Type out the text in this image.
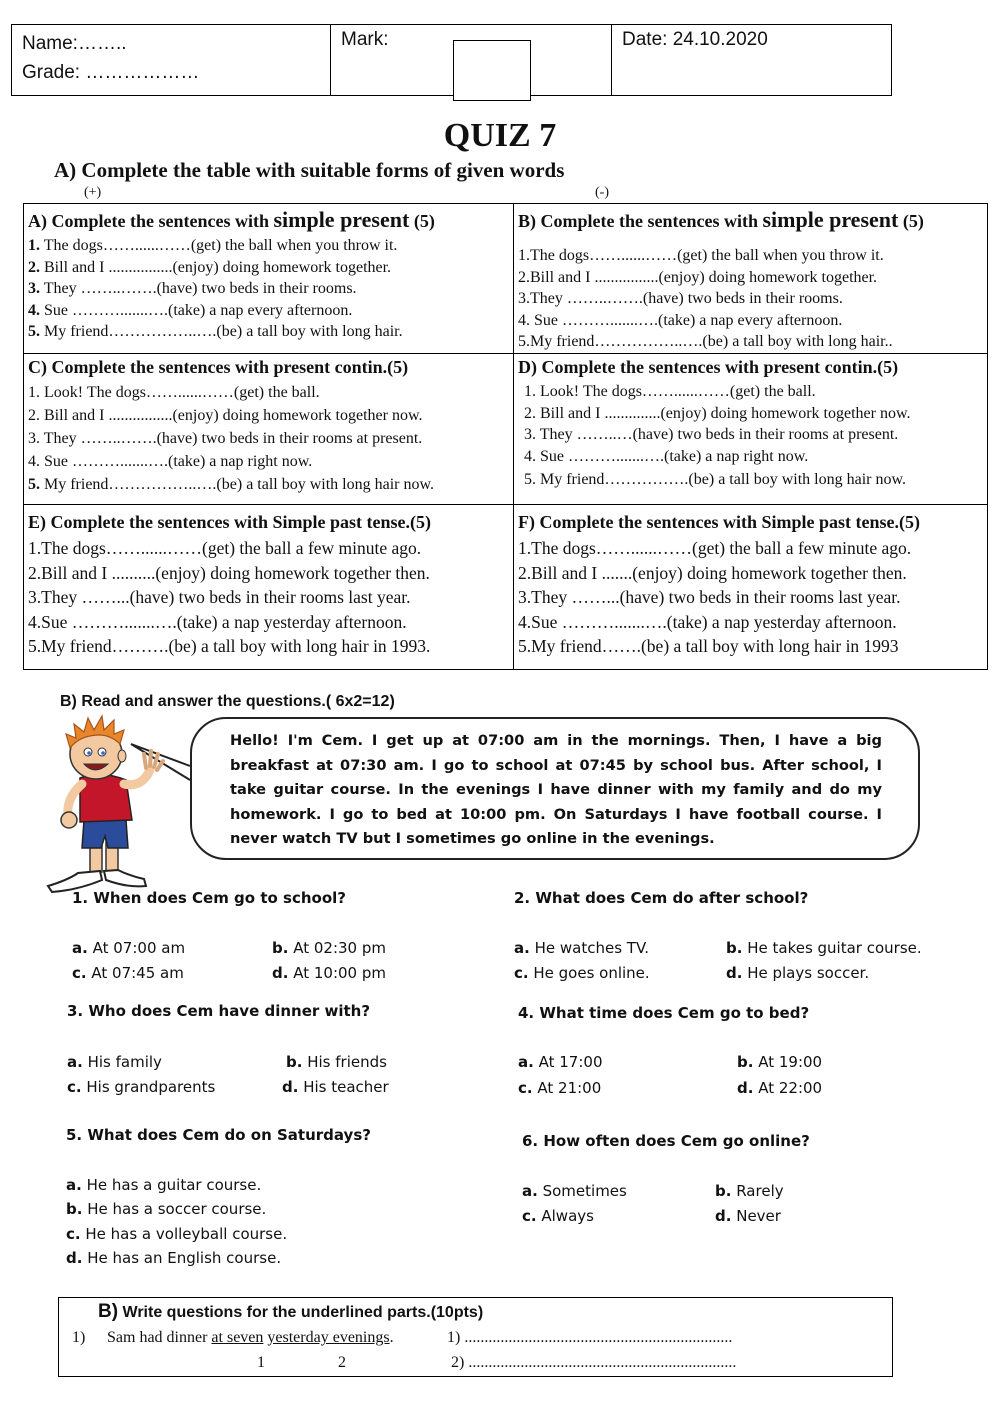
Name:……..
Grade: ………………
Mark:	Date: 24.10.2020
QUIZ 7
A) Complete the table with suitable forms of given words
(+)	(-)
A) Complete the sentences with simple present (5)
1. The dogs……......……(get) the ball when you throw it.
2. Bill and I ................(enjoy) doing homework together.
3. They ……..…….(have) two beds in their rooms.
4. Sue ……….......….(take) a nap every afternoon.
5. My friend……………..….(be) a tall boy with long hair.
B) Complete the sentences with simple present (5)
1.The dogs……......……(get) the ball when you throw it.
2.Bill and I ................(enjoy) doing homework together.
3.They ……..…….(have) two beds in their rooms.
4. Sue ……….......….(take) a nap every afternoon.
5.My friend……………..….(be) a tall boy with long hair..
C) Complete the sentences with present contin.(5)
1. Look! The dogs……......……(get) the ball.
2. Bill and I ................(enjoy) doing homework together now.
3. They ……..…….(have) two beds in their rooms at present.
4. Sue ……….......….(take) a nap right now.
5. My friend……………..….(be) a tall boy with long hair now.
D) Complete the sentences with present contin.(5)
1. Look! The dogs……......……(get) the ball.
2. Bill and I ..............(enjoy) doing homework together now.
3. They ……..…(have) two beds in their rooms at present.
4. Sue ……….......….(take) a nap right now.
5. My friend…………….(be) a tall boy with long hair now.
E) Complete the sentences with Simple past tense.(5)
1.The dogs……......……(get) the ball a few minute ago.
2.Bill and I ..........(enjoy) doing homework together then.
3.They ……...(have) two beds in their rooms last year.
4.Sue ……….......….(take) a nap yesterday afternoon.
5.My friend……….(be) a tall boy with long hair in 1993.
F) Complete the sentences with Simple past tense.(5)
1.The dogs……......……(get) the ball a few minute ago.
2.Bill and I .......(enjoy) doing homework together then.
3.They ……...(have) two beds in their rooms last year.
4.Sue ……….......….(take) a nap yesterday afternoon.
5.My friend…….(be) a tall boy with long hair in 1993
B) Read and answer the questions.( 6x2=12)
Hello! I'm Cem. I get up at 07:00 am in the mornings. Then, I have a big breakfast at 07:30 am. I go to school at 07:45 by school bus. After school, I take guitar course. In the evenings I have dinner with my family and do my homework. I go to bed at 10:00 pm. On Saturdays I have football course. I never watch TV but I sometimes go online in the evenings.
1. When does Cem go to school?
a. At 07:00 am	b. At 02:30 pm
c. At 07:45 am	d. At 10:00 pm
2. What does Cem do after school?
a. He watches TV.	b. He takes guitar course.
c. He goes online.	d. He plays soccer.
3. Who does Cem have dinner with?
a. His family	b. His friends
c. His grandparents	d. His teacher
4. What time does Cem go to bed?
a. At 17:00	b. At 19:00
c. At 21:00	d. At 22:00
5. What does Cem do on Saturdays?
a. He has a guitar course.
b. He has a soccer course.
c. He has a volleyball course.
d. He has an English course.
6. How often does Cem go online?
a. Sometimes	b. Rarely
c. Always	d. Never
B) Write questions for the underlined parts.(10pts)
1) Sam had dinner at seven yesterday evenings.	1) ...................................................................
1	2	2) ...................................................................
